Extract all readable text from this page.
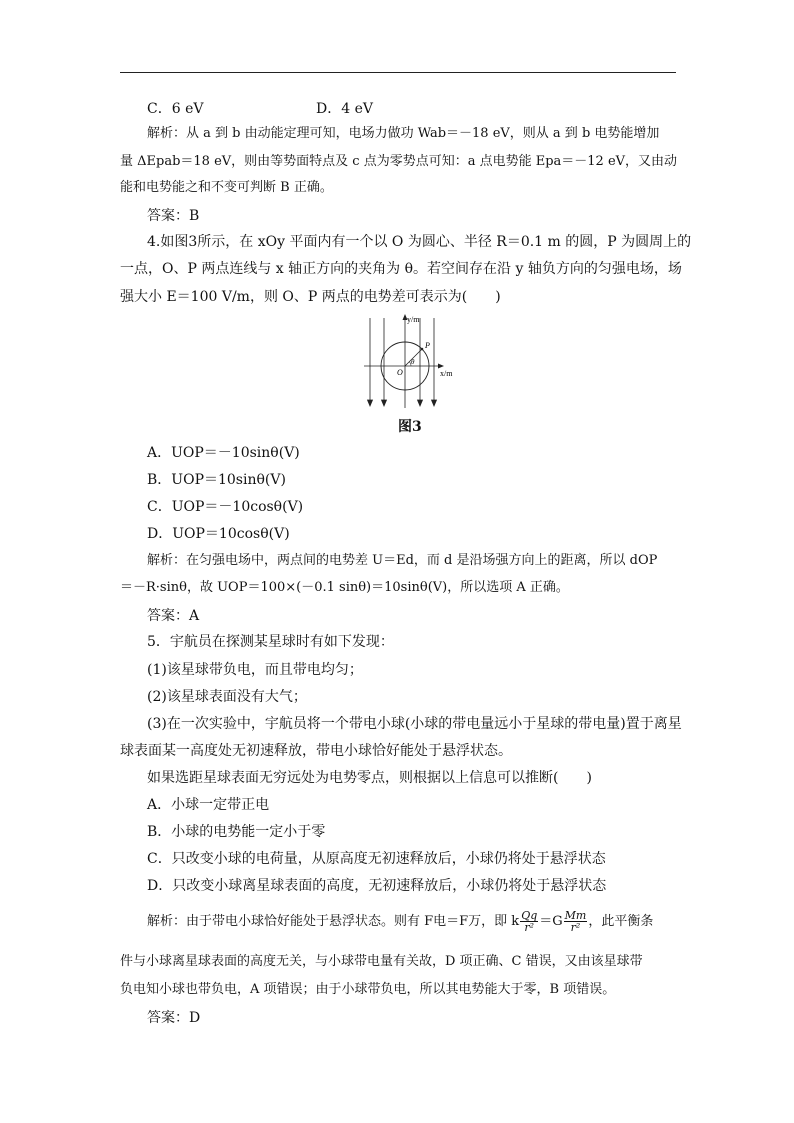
C．6 eV	D．4 eV
解析：从 a 到 b 由动能定理可知，电场力做功 Wab＝－18 eV，则从 a 到 b 电势能增加
量 ΔEpab＝18 eV，则由等势面特点及 c 点为零势点可知：a 点电势能 Epa＝－12 eV，又由动
能和电势能之和不变可判断 B 正确。
答案：B
4.如图3所示，在 xOy 平面内有一个以 O 为圆心、半径 R＝0.1 m 的圆，P 为圆周上的
一点，O、P 两点连线与 x 轴正方向的夹角为 θ。若空间存在沿 y 轴负方向的匀强电场，场
强大小 E＝100 V/m，则 O、P 两点的电势差可表示为(　　)
y/m
x/m
P
O
θ
图3
A．UOP＝－10sinθ(V)
B．UOP＝10sinθ(V)
C．UOP＝－10cosθ(V)
D．UOP＝10cosθ(V)
解析：在匀强电场中，两点间的电势差 U＝Ed，而 d 是沿场强方向上的距离，所以 dOP
＝－R·sinθ，故 UOP＝100×(－0.1 sinθ)＝10sinθ(V)，所以选项 A 正确。
答案：A
5．宇航员在探测某星球时有如下发现：
(1)该星球带负电，而且带电均匀；
(2)该星球表面没有大气；
(3)在一次实验中，宇航员将一个带电小球(小球的带电量远小于星球的带电量)置于离星
球表面某一高度处无初速释放，带电小球恰好能处于悬浮状态。
如果选距星球表面无穷远处为电势零点，则根据以上信息可以推断(　　)
A．小球一定带正电
B．小球的电势能一定小于零
C．只改变小球的电荷量，从原高度无初速释放后，小球仍将处于悬浮状态
D．只改变小球离星球表面的高度，无初速释放后，小球仍将处于悬浮状态
解析：由于带电小球恰好能处于悬浮状态。则有 F电＝F万，即 k $\frac{Qq}{\text{r²}} =G \frac{Mm}{\text{r²}}$ ，此平衡条
件与小球离星球表面的高度无关，与小球带电量有关故，D 项正确、C 错误，又由该星球带
负电知小球也带负电，A 项错误；由于小球带负电，所以其电势能大于零，B 项错误。
答案：D
